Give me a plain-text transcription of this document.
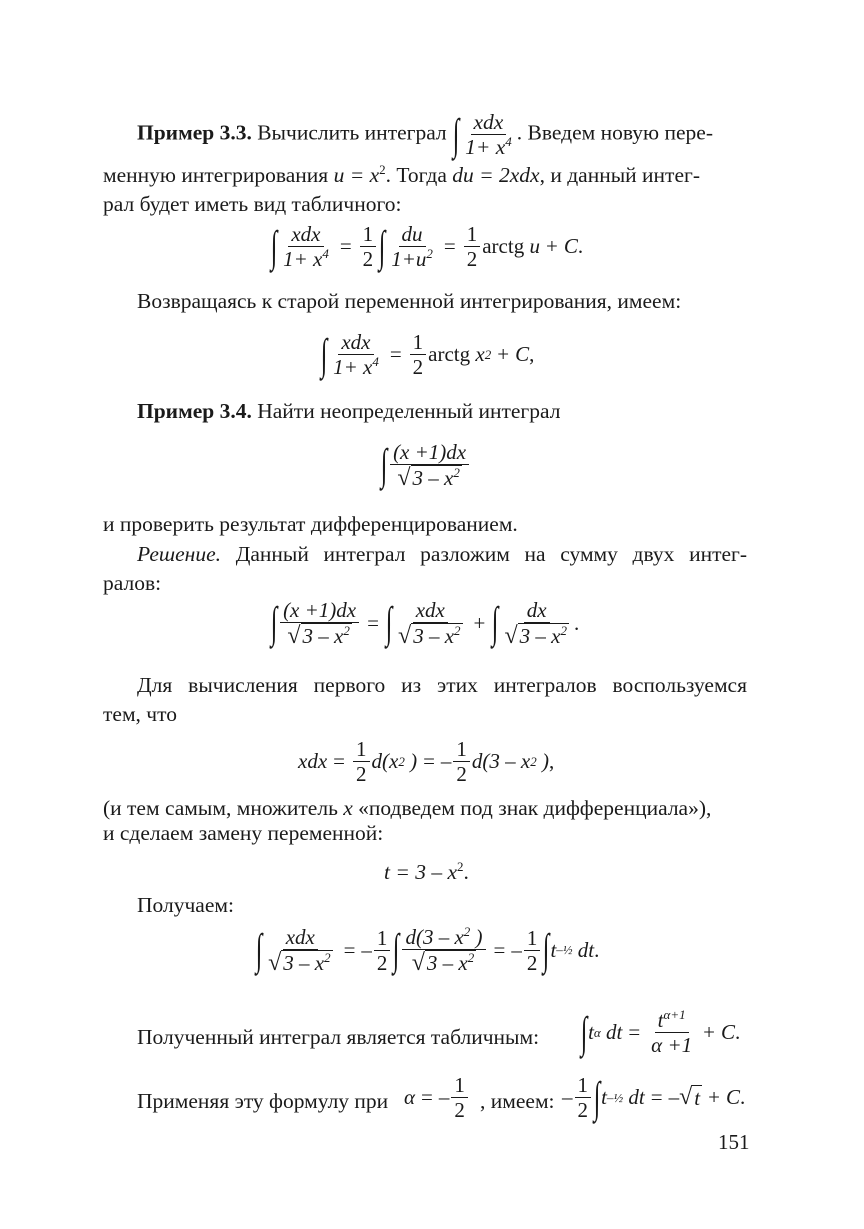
Пример 3.3. Вычислить интеграл ∫ xdx
$1+ x^4$ . Введем новую пере-
менную интегрирования $u = x^2$. Тогда du = 2xdx, и данный интег-
рал будет иметь вид табличного:
∫ xdx
$1+ x^4 = \frac{1}{2}$ ∫ $\frac{du}{1+u^2} = \frac{1}{2}$ arctg u + C .
Возвращаясь к старой переменной интегрирования, имеем:
∫ xdx
$1+ x^4 = \frac{1}{2}$ arctg x 2 + C ,
Пример 3.4. Найти неопределенный интеграл
∫ (x +1)dx
$√3 - x^2$
и проверить результат дифференцированием.
Решение. Данный интеграл разложим на сумму двух интег-
ралов:
∫ $\frac{(x +1)dx}{√3 - x^2}$ = ∫ xdx
$√3 - x^2$ + ∫ dx
$√3 - x^2$ .
Для вычисления первого из этих интегралов воспользуемся
тем, что
xdx = $\frac{1}{2} d(x$ 2 ) = – 1
2
d(3 – x 2 ) ,
(и тем самым, множитель x «подведем под знак дифференциала»),
и сделаем замену переменной:
$t = 3 - x^2$.
Получаем:
∫ xdx
$√3 - x^2$ = – 1
2 ∫ $\frac{d(3 - x^2 )}{√3 - x^2}$ = – 1
2 ∫ t –½ dt .
Полученный интеграл является табличным: ∫ t α dt = $\frac{t^{\alpha+1}}{\alpha +1} + C$ .
Применяя эту формулу при α = – 1
2 , имеем: – 1
2 ∫ t –½ dt = – √ t + C .
151
